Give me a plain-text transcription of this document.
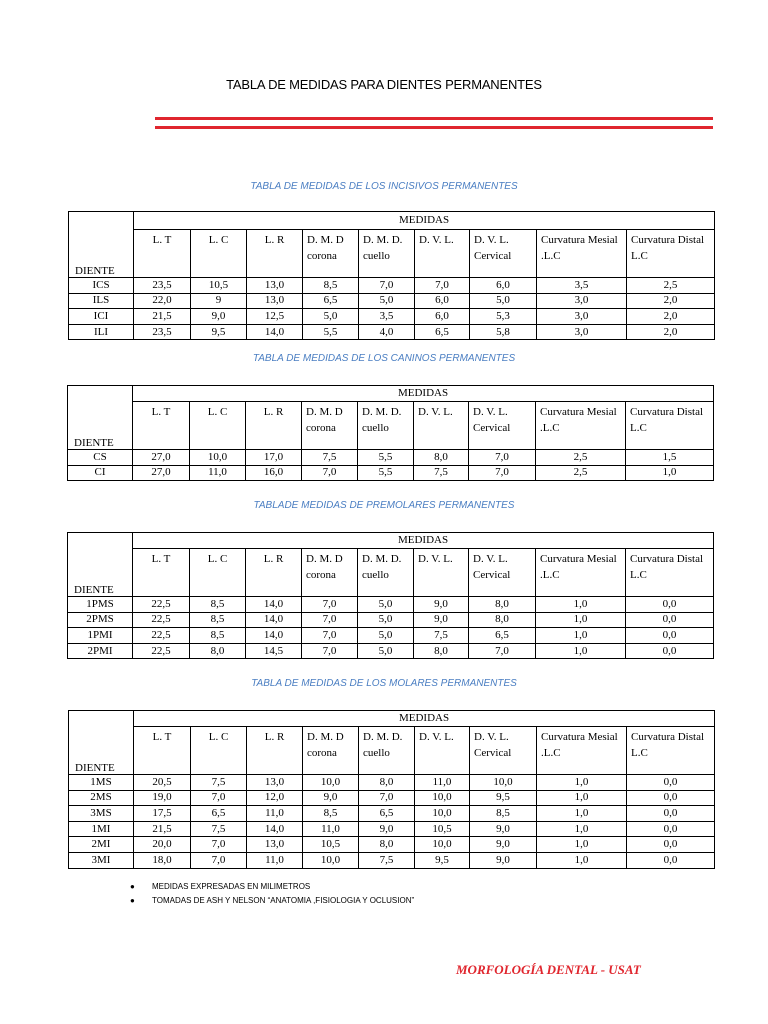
TABLA DE MEDIDAS PARA DIENTES PERMANENTES
TABLA DE MEDIDAS DE LOS INCISIVOS PERMANENTES
DIENTE	MEDIDAS								
	L. T	L. C	L. R	D. M. D corona	D. M. D. cuello	D. V. L.	D. V. L. Cervical	Curvatura Mesial .L.C	Curvatura Distal L.C
ICS	23,5	10,5	13,0	8,5	7,0	7,0	6,0	3,5	2,5
ILS	22,0	9	13,0	6,5	5,0	6,0	5,0	3,0	2,0
ICI	21,5	9,0	12,5	5,0	3,5	6,0	5,3	3,0	2,0
ILI	23,5	9,5	14,0	5,5	4,0	6,5	5,8	3,0	2,0
TABLA DE MEDIDAS DE LOS CANINOS PERMANENTES
DIENTE	MEDIDAS								
	L. T	L. C	L. R	D. M. D corona	D. M. D. cuello	D. V. L.	D. V. L. Cervical	Curvatura Mesial .L.C	Curvatura Distal L.C
CS	27,0	10,0	17,0	7,5	5,5	8,0	7,0	2,5	1,5
CI	27,0	11,0	16,0	7,0	5,5	7,5	7,0	2,5	1,0
TABLADE MEDIDAS DE PREMOLARES PERMANENTES
DIENTE	MEDIDAS								
	L. T	L. C	L. R	D. M. D corona	D. M. D. cuello	D. V. L.	D. V. L. Cervical	Curvatura Mesial .L.C	Curvatura Distal L.C
1PMS	22,5	8,5	14,0	7,0	5,0	9,0	8,0	1,0	0,0
2PMS	22,5	8,5	14,0	7,0	5,0	9,0	8,0	1,0	0,0
1PMI	22,5	8,5	14,0	7,0	5,0	7,5	6,5	1,0	0,0
2PMI	22,5	8,0	14,5	7,0	5,0	8,0	7,0	1,0	0,0
TABLA DE MEDIDAS DE LOS MOLARES PERMANENTES
DIENTE	MEDIDAS								
	L. T	L. C	L. R	D. M. D corona	D. M. D. cuello	D. V. L.	D. V. L. Cervical	Curvatura Mesial .L.C	Curvatura Distal L.C
1MS	20,5	7,5	13,0	10,0	8,0	11,0	10,0	1,0	0,0
2MS	19,0	7,0	12,0	9,0	7,0	10,0	9,5	1,0	0,0
3MS	17,5	6,5	11,0	8,5	6,5	10,0	8,5	1,0	0,0
1MI	21,5	7,5	14,0	11,0	9,0	10,5	9,0	1,0	0,0
2MI	20,0	7,0	13,0	10,5	8,0	10,0	9,0	1,0	0,0
3MI	18,0	7,0	11,0	10,0	7,5	9,5	9,0	1,0	0,0
● MEDIDAS EXPRESADAS EN MILIMETROS
● TOMADAS DE ASH Y NELSON “ANATOMIA ,FISIOLOGIA Y OCLUSION”
MORFOLOGÍA DENTAL - USAT
